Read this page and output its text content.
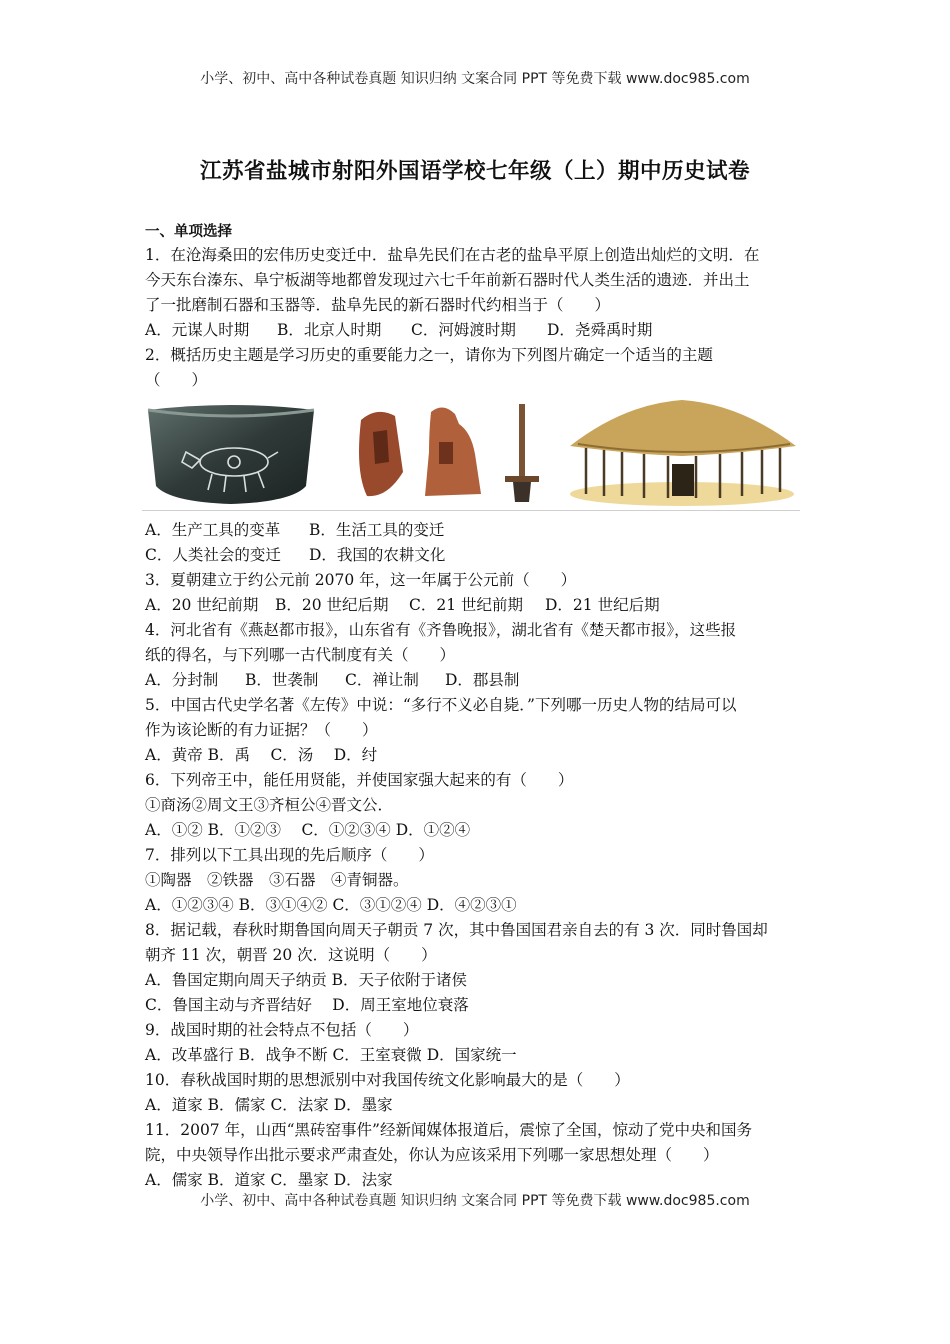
小学、初中、高中各种试卷真题 知识归纳 文案合同 PPT 等免费下载 www.doc985.com
江苏省盐城市射阳外国语学校七年级（上）期中历史试卷
一、单项选择
1．在沧海桑田的宏伟历史变迁中．盐阜先民们在古老的盐阜平原上创造出灿烂的文明．在
今天东台溱东、阜宁板湖等地都曾发现过六七千年前新石器时代人类生活的遗迹．并出土
了一批磨制石器和玉器等．盐阜先民的新石器时代约相当于（　　）
A．元谋人时期 B．北京人时期 C．河姆渡时期 D．尧舜禹时期
2．概括历史主题是学习历史的重要能力之一，请你为下列图片确定一个适当的主题
（　　）
A．生产工具的变革 B．生活工具的变迁
C．人类社会的变迁 D．我国的农耕文化
3．夏朝建立于约公元前 2070 年，这一年属于公元前（　　）
A．20 世纪前期 B．20 世纪后期 C．21 世纪前期 D．21 世纪后期
4．河北省有《燕赵都市报》，山东省有《齐鲁晚报》，湖北省有《楚天都市报》，这些报
纸的得名，与下列哪一古代制度有关（　　）
A．分封制 B．世袭制 C．禅让制 D．郡县制
5．中国古代史学名著《左传》中说：“多行不义必自毙．”下列哪一历史人物的结局可以
作为该论断的有力证据？（　　）
A．黄帝 B．禹　 C．汤　 D．纣
6．下列帝王中，能任用贤能，并使国家强大起来的有（　　）
①商汤②周文王③齐桓公④晋文公．
A．①② B．①②③　 C．①②③④ D．①②④
7．排列以下工具出现的先后顺序（　　）
①陶器　②铁器　③石器　④青铜器。
A．①②③④ B．③①④② C．③①②④ D．④②③①
8．据记载，春秋时期鲁国向周天子朝贡 7 次，其中鲁国国君亲自去的有 3 次．同时鲁国却
朝齐 11 次，朝晋 20 次．这说明（　　）
A．鲁国定期向周天子纳贡 B．天子依附于诸侯
C．鲁国主动与齐晋结好　 D．周王室地位衰落
9．战国时期的社会特点不包括（　　）
A．改革盛行 B．战争不断 C．王室衰微 D．国家统一
10．春秋战国时期的思想派别中对我国传统文化影响最大的是（　　）
A．道家 B．儒家 C．法家 D．墨家
11．2007 年，山西“黑砖窑事件”经新闻媒体报道后，震惊了全国，惊动了党中央和国务
院，中央领导作出批示要求严肃查处，你认为应该采用下列哪一家思想处理（　　）
A．儒家 B．道家 C．墨家 D．法家
小学、初中、高中各种试卷真题 知识归纳 文案合同 PPT 等免费下载 www.doc985.com
